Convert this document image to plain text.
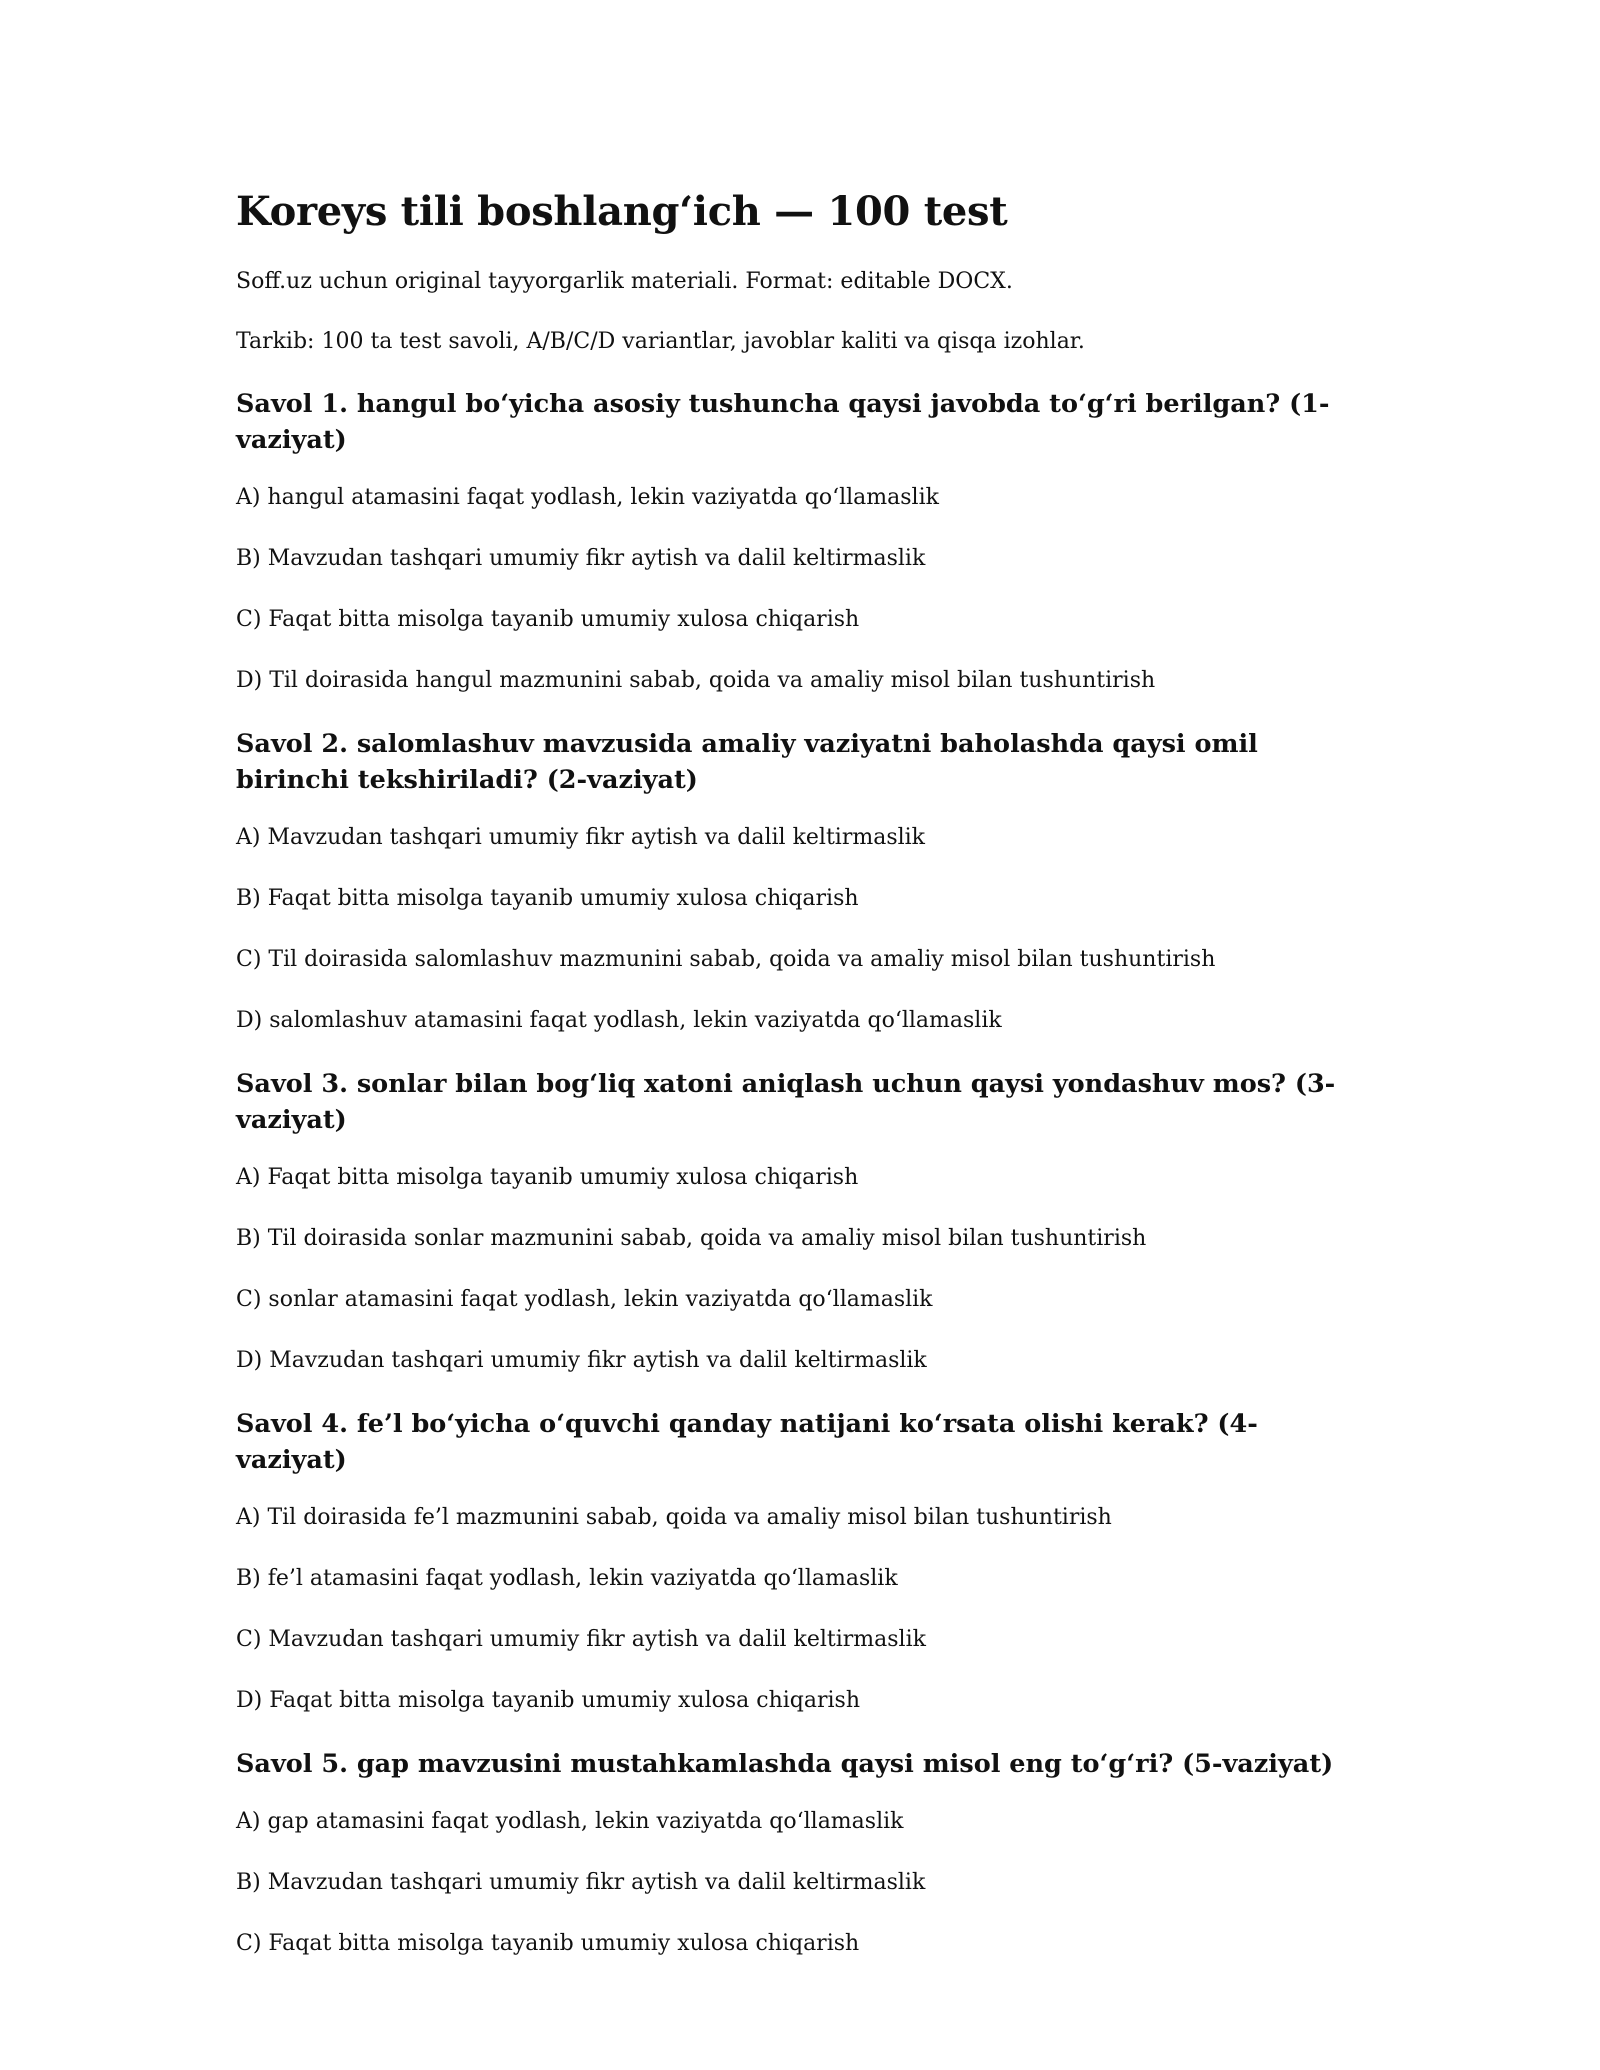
Koreys tili boshlang‘ich — 100 test

Soff.uz uchun original tayyorgarlik materiali. Format: editable DOCX.

Tarkib: 100 ta test savoli, A/B/C/D variantlar, javoblar kaliti va qisqa izohlar.

Savol 1. hangul bo‘yicha asosiy tushuncha qaysi javobda to‘g‘ri berilgan? (1-vaziyat)

A) hangul atamasini faqat yodlash, lekin vaziyatda qo‘llamaslik

B) Mavzudan tashqari umumiy fikr aytish va dalil keltirmaslik

C) Faqat bitta misolga tayanib umumiy xulosa chiqarish

D) Til doirasida hangul mazmunini sabab, qoida va amaliy misol bilan tushuntirish

Savol 2. salomlashuv mavzusida amaliy vaziyatni baholashda qaysi omil birinchi tekshiriladi? (2-vaziyat)

A) Mavzudan tashqari umumiy fikr aytish va dalil keltirmaslik

B) Faqat bitta misolga tayanib umumiy xulosa chiqarish

C) Til doirasida salomlashuv mazmunini sabab, qoida va amaliy misol bilan tushuntirish

D) salomlashuv atamasini faqat yodlash, lekin vaziyatda qo‘llamaslik

Savol 3. sonlar bilan bog‘liq xatoni aniqlash uchun qaysi yondashuv mos? (3-vaziyat)

A) Faqat bitta misolga tayanib umumiy xulosa chiqarish

B) Til doirasida sonlar mazmunini sabab, qoida va amaliy misol bilan tushuntirish

C) sonlar atamasini faqat yodlash, lekin vaziyatda qo‘llamaslik

D) Mavzudan tashqari umumiy fikr aytish va dalil keltirmaslik

Savol 4. fe’l bo‘yicha o‘quvchi qanday natijani ko‘rsata olishi kerak? (4-vaziyat)

A) Til doirasida fe’l mazmunini sabab, qoida va amaliy misol bilan tushuntirish

B) fe’l atamasini faqat yodlash, lekin vaziyatda qo‘llamaslik

C) Mavzudan tashqari umumiy fikr aytish va dalil keltirmaslik

D) Faqat bitta misolga tayanib umumiy xulosa chiqarish

Savol 5. gap mavzusini mustahkamlashda qaysi misol eng to‘g‘ri? (5-vaziyat)

A) gap atamasini faqat yodlash, lekin vaziyatda qo‘llamaslik

B) Mavzudan tashqari umumiy fikr aytish va dalil keltirmaslik

C) Faqat bitta misolga tayanib umumiy xulosa chiqarish
